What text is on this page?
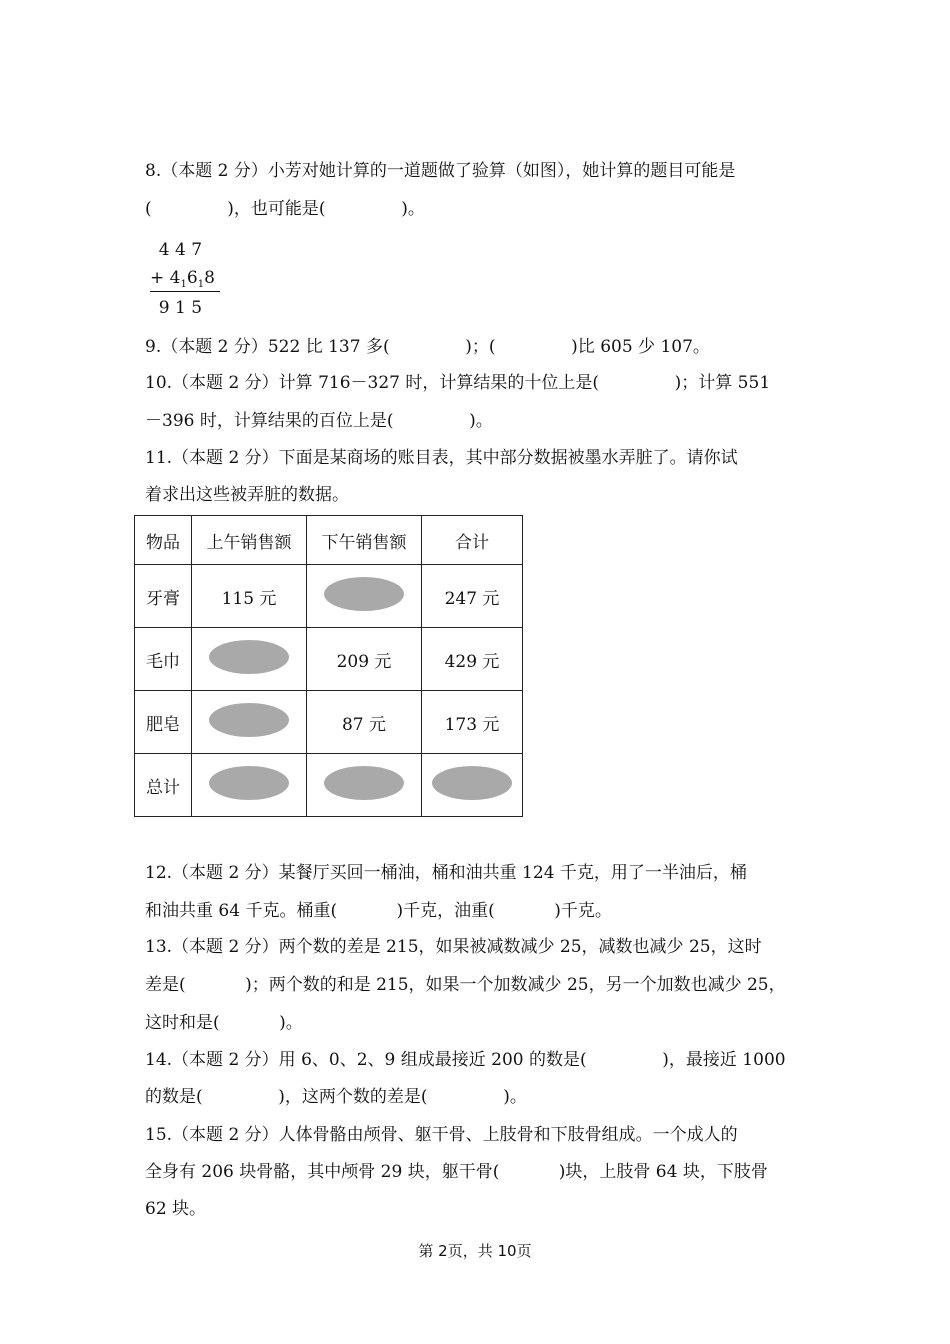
8.（本题 2 分）小芳对她计算的一道题做了验算（如图），她计算的题目可能是
(              )，也可能是(              )。
4 4 7
+ $4_16_18$
9 1 5
9.（本题 2 分）522 比 137 多(              )；(              )比 605 少 107。
10.（本题 2 分）计算 716－327 时，计算结果的十位上是(              )；计算 551
－396 时，计算结果的百位上是(              )。
11.（本题 2 分）下面是某商场的账目表，其中部分数据被墨水弄脏了。请你试
着求出这些被弄脏的数据。
物品	上午销售额	下午销售额	合计
牙膏	115 元		247 元
毛巾		209 元	429 元
肥皂		87 元	173 元
总计			
12.（本题 2 分）某餐厅买回一桶油，桶和油共重 124 千克，用了一半油后，桶
和油共重 64 千克。桶重(           )千克，油重(           )千克。
13.（本题 2 分）两个数的差是 215，如果被减数减少 25，减数也减少 25，这时
差是(           )；两个数的和是 215，如果一个加数减少 25，另一个加数也减少 25，
这时和是(           )。
14.（本题 2 分）用 6、0、2、9 组成最接近 200 的数是(              )，最接近 1000
的数是(              )，这两个数的差是(              )。
15.（本题 2 分）人体骨骼由颅骨、躯干骨、上肢骨和下肢骨组成。一个成人的
全身有 206 块骨骼，其中颅骨 29 块，躯干骨(           )块，上肢骨 64 块，下肢骨
62 块。
第 2页，共 10页
